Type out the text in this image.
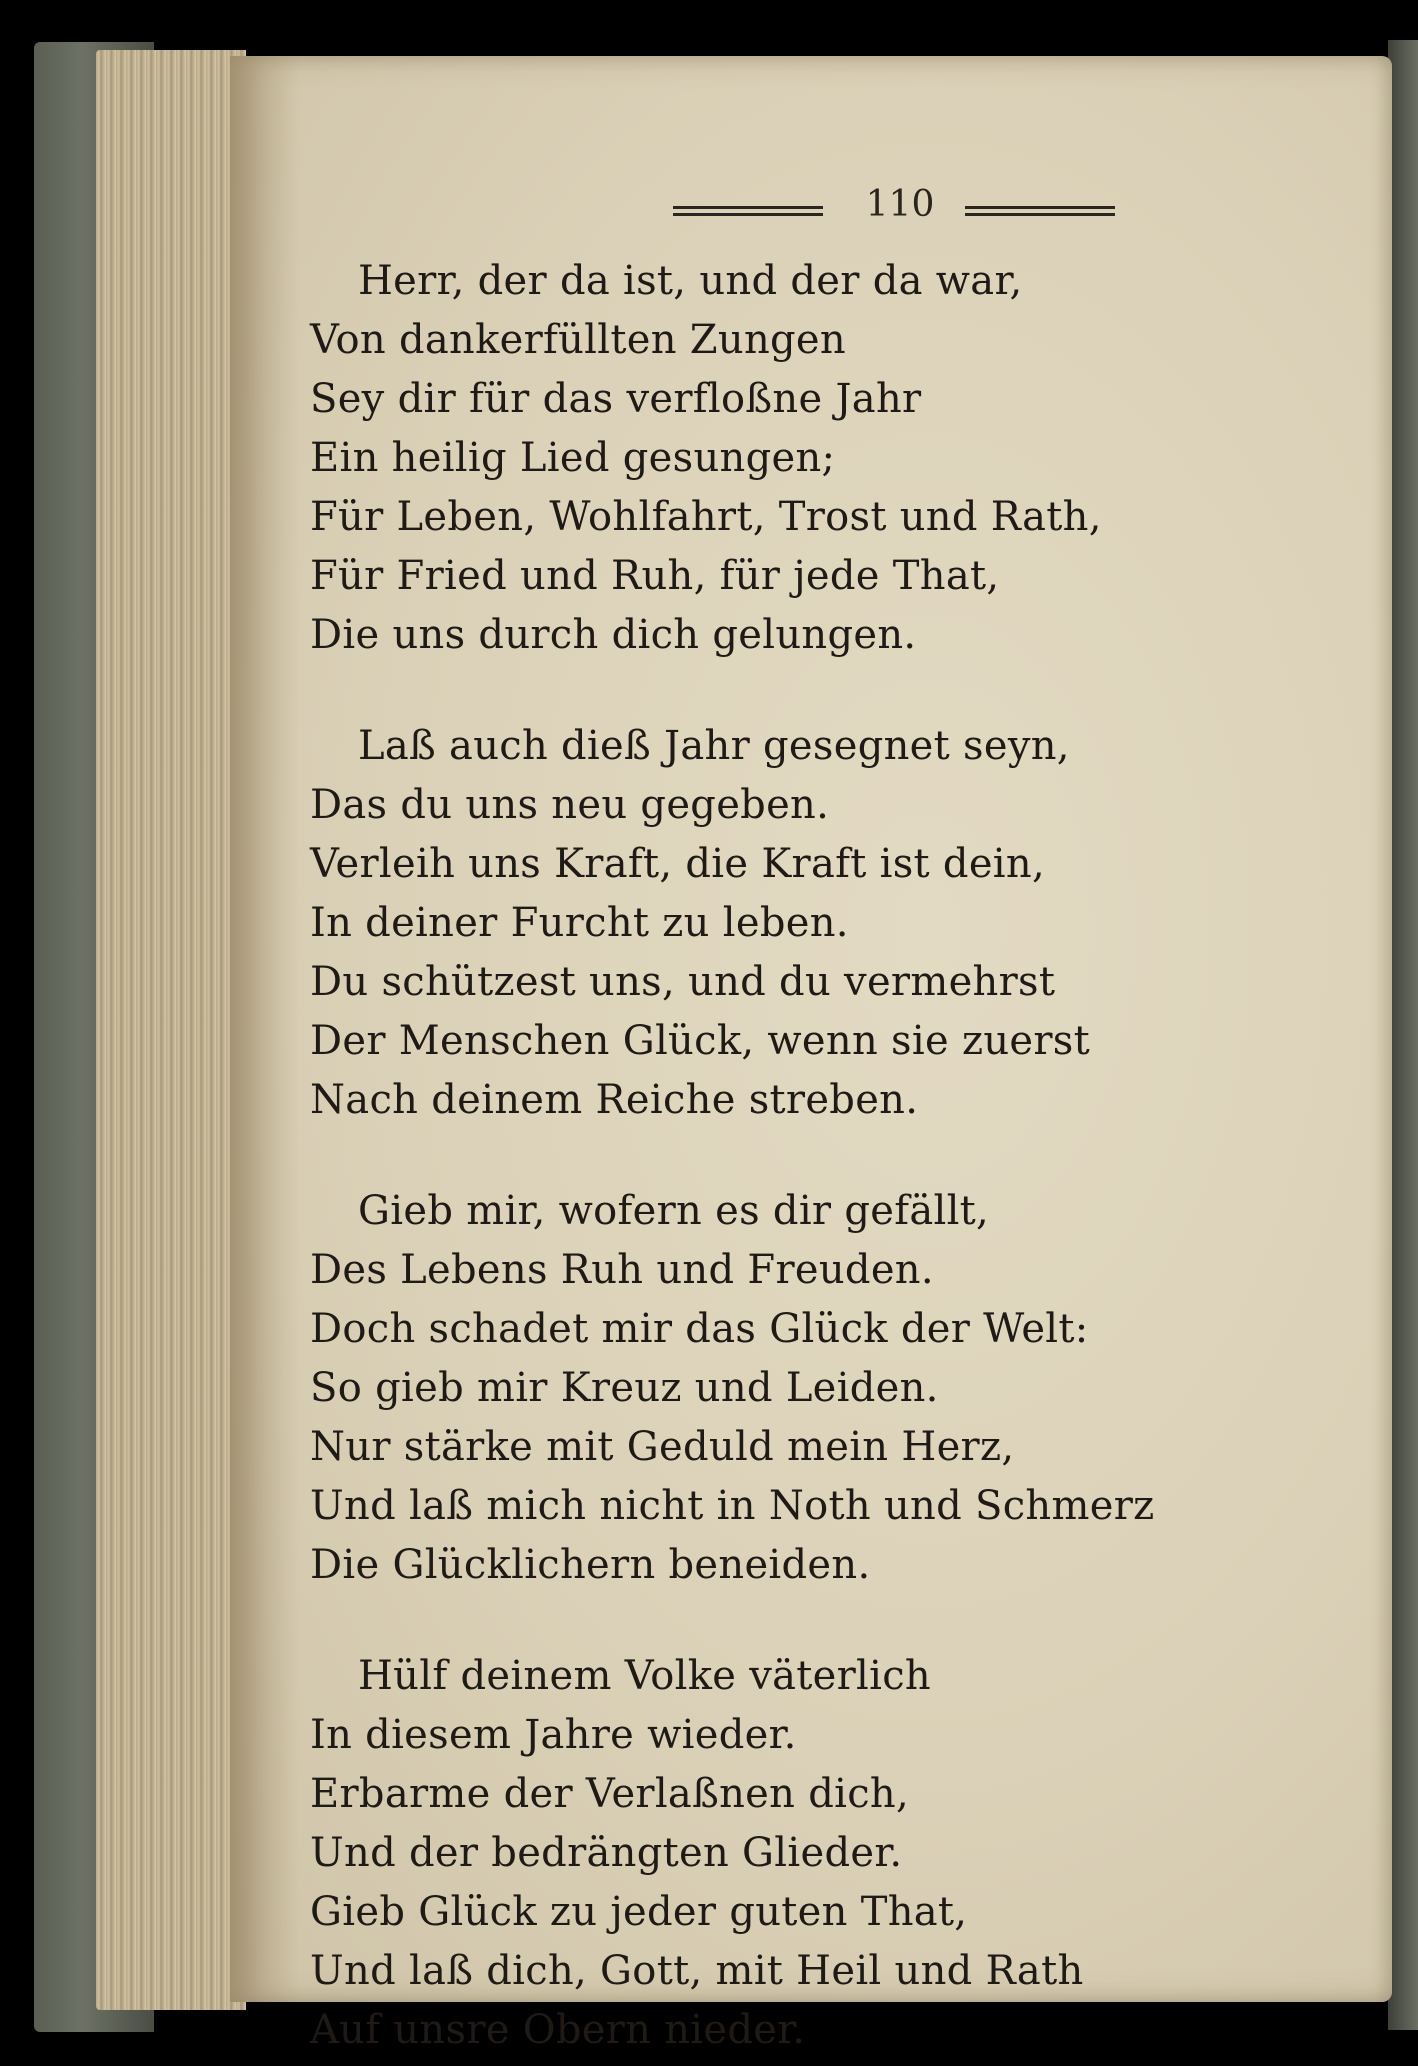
110
Herr, der da ist, und der da war,
Von dankerfüllten Zungen
Sey dir für das verfloßne Jahr
Ein heilig Lied gesungen;
Für Leben, Wohlfahrt, Trost und Rath,
Für Fried und Ruh, für jede That,
Die uns durch dich gelungen.
Laß auch dieß Jahr gesegnet seyn,
Das du uns neu gegeben.
Verleih uns Kraft, die Kraft ist dein,
In deiner Furcht zu leben.
Du schützest uns, und du vermehrst
Der Menschen Glück, wenn sie zuerst
Nach deinem Reiche streben.
Gieb mir, wofern es dir gefällt,
Des Lebens Ruh und Freuden.
Doch schadet mir das Glück der Welt:
So gieb mir Kreuz und Leiden.
Nur stärke mit Geduld mein Herz,
Und laß mich nicht in Noth und Schmerz
Die Glücklichern beneiden.
Hülf deinem Volke väterlich
In diesem Jahre wieder.
Erbarme der Verlaßnen dich,
Und der bedrängten Glieder.
Gieb Glück zu jeder guten That,
Und laß dich, Gott, mit Heil und Rath
Auf unsre Obern nieder.
